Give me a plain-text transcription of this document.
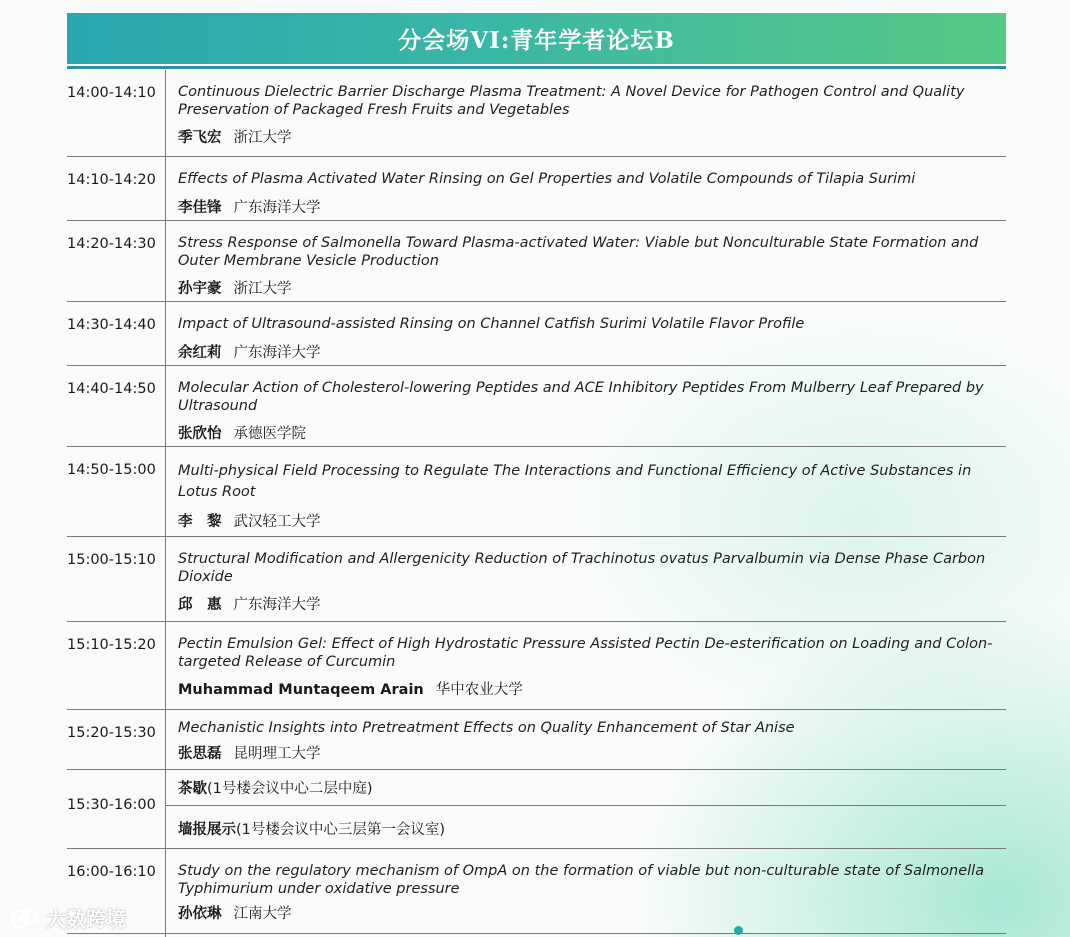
分会场VI:青年学者论坛B
14:00-14:10	Continuous Dielectric Barrier Discharge Plasma Treatment: A Novel Device for Pathogen Control and Quality Preservation of Packaged Fresh Fruits and Vegetables
季飞宏 浙江大学
14:10-14:20	Effects of Plasma Activated Water Rinsing on Gel Properties and Volatile Compounds of Tilapia Surimi
李佳锋 广东海洋大学
14:20-14:30	Stress Response of Salmonella Toward Plasma-activated Water: Viable but Nonculturable State Formation and Outer Membrane Vesicle Production
孙宇豪 浙江大学
14:30-14:40	Impact of Ultrasound-assisted Rinsing on Channel Catfish Surimi Volatile Flavor Profile
余红莉 广东海洋大学
14:40-14:50	Molecular Action of Cholesterol-lowering Peptides and ACE Inhibitory Peptides From Mulberry Leaf Prepared by Ultrasound
张欣怡 承德医学院
14:50-15:00	Multi-physical Field Processing to Regulate The Interactions and Functional Efficiency of Active Substances in Lotus Root
李　黎 武汉轻工大学
15:00-15:10	Structural Modification and Allergenicity Reduction of Trachinotus ovatus Parvalbumin via Dense Phase Carbon Dioxide
邱　惠 广东海洋大学
15:10-15:20	Pectin Emulsion Gel: Effect of High Hydrostatic Pressure Assisted Pectin De-esterification on Loading and Colon-targeted Release of Curcumin
Muhammad Muntaqeem Arain 华中农业大学
15:20-15:30	Mechanistic Insights into Pretreatment Effects on Quality Enhancement of Star Anise
张思磊 昆明理工大学
15:30-16:00
茶歇(1号楼会议中心二层中庭)
墙报展示(1号楼会议中心三层第一会议室)
16:00-16:10	Study on the regulatory mechanism of OmpA on the formation of viable but non-culturable state of Salmonella Typhimurium under oxidative pressure
孙依琳 江南大学
大数跨境
